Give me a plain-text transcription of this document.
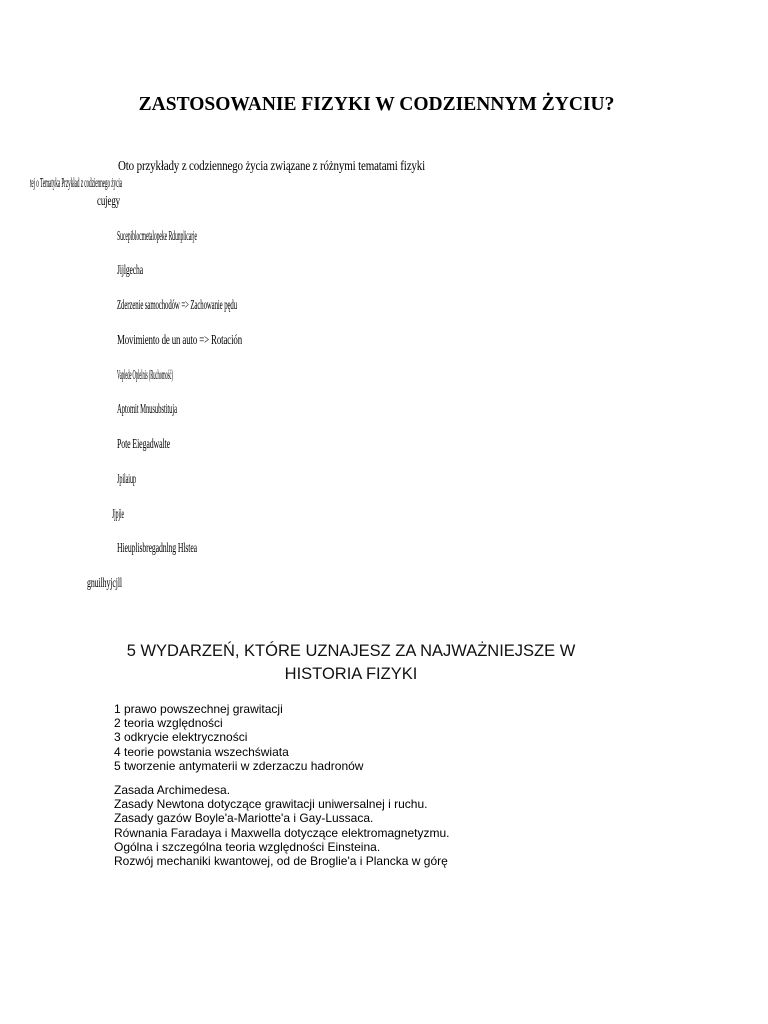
ZASTOSOWANIE FIZYKI W CODZIENNYM ŻYCIU?
Oto przykłady z codziennego życia związane z różnymi tematami fizyki
tej o Tematyka Przykład z codziennego życia
cujegy
Sucepiblocmetalopeke Rdunplicarje
Jijlgecha
Zderzenie samochodów => Zachowanie pędu
Movimiento de un auto => Rotación
Vaplede Oplelnis (Ruchomość)
Aptomit Mnusubstituja
Pote Eiegadwalte
Jpilaiup
Jjpjie
Hieuplisbregadnlng Hlstea
gnuilhyjcjll
5 WYDARZEŃ, KTÓRE UZNAJESZ ZA NAJWAŻNIEJSZE W
HISTORIA FIZYKI
1 prawo powszechnej grawitacji
2 teoria względności
3 odkrycie elektryczności
4 teorie powstania wszechświata
5 tworzenie antymaterii w zderzaczu hadronów
Zasada Archimedesa.
Zasady Newtona dotyczące grawitacji uniwersalnej i ruchu.
Zasady gazów Boyle'a-Mariotte'a i Gay-Lussaca.
Równania Faradaya i Maxwella dotyczące elektromagnetyzmu.
Ogólna i szczególna teoria względności Einsteina.
Rozwój mechaniki kwantowej, od de Broglie'a i Plancka w górę
